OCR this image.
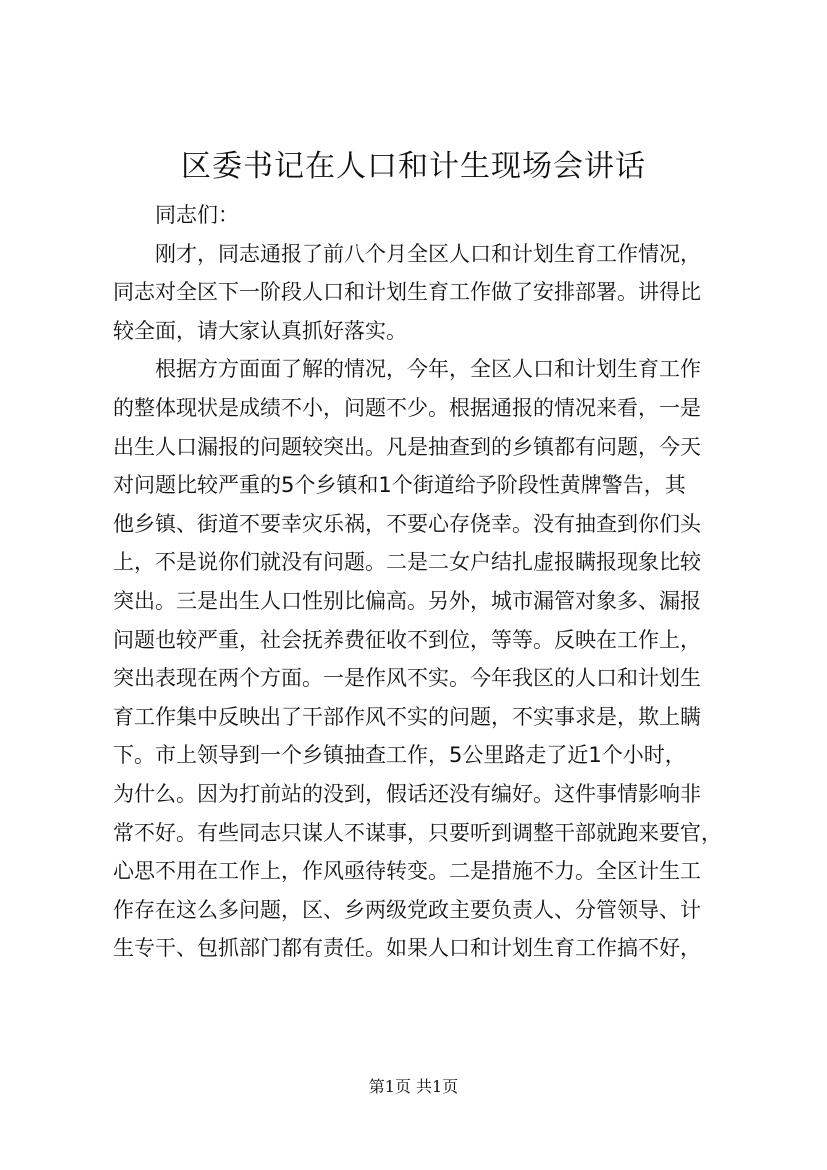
区委书记在人口和计生现场会讲话
同志们：
刚才，同志通报了前八个月全区人口和计划生育工作情况，
同志对全区下一阶段人口和计划生育工作做了安排部署。讲得比
较全面，请大家认真抓好落实。
根据方方面面了解的情况，今年，全区人口和计划生育工作
的整体现状是成绩不小，问题不少。根据通报的情况来看，一是
出生人口漏报的问题较突出。凡是抽查到的乡镇都有问题，今天
对问题比较严重的5个乡镇和1个街道给予阶段性黄牌警告，其
他乡镇、街道不要幸灾乐祸，不要心存侥幸。没有抽查到你们头
上，不是说你们就没有问题。二是二女户结扎虚报瞒报现象比较
突出。三是出生人口性别比偏高。另外，城市漏管对象多、漏报
问题也较严重，社会抚养费征收不到位，等等。反映在工作上，
突出表现在两个方面。一是作风不实。今年我区的人口和计划生
育工作集中反映出了干部作风不实的问题，不实事求是，欺上瞒
下。市上领导到一个乡镇抽查工作，5公里路走了近1个小时，
为什么。因为打前站的没到，假话还没有编好。这件事情影响非
常不好。有些同志只谋人不谋事，只要听到调整干部就跑来要官，
心思不用在工作上，作风亟待转变。二是措施不力。全区计生工
作存在这么多问题，区、乡两级党政主要负责人、分管领导、计
生专干、包抓部门都有责任。如果人口和计划生育工作搞不好，
第1页 共1页
